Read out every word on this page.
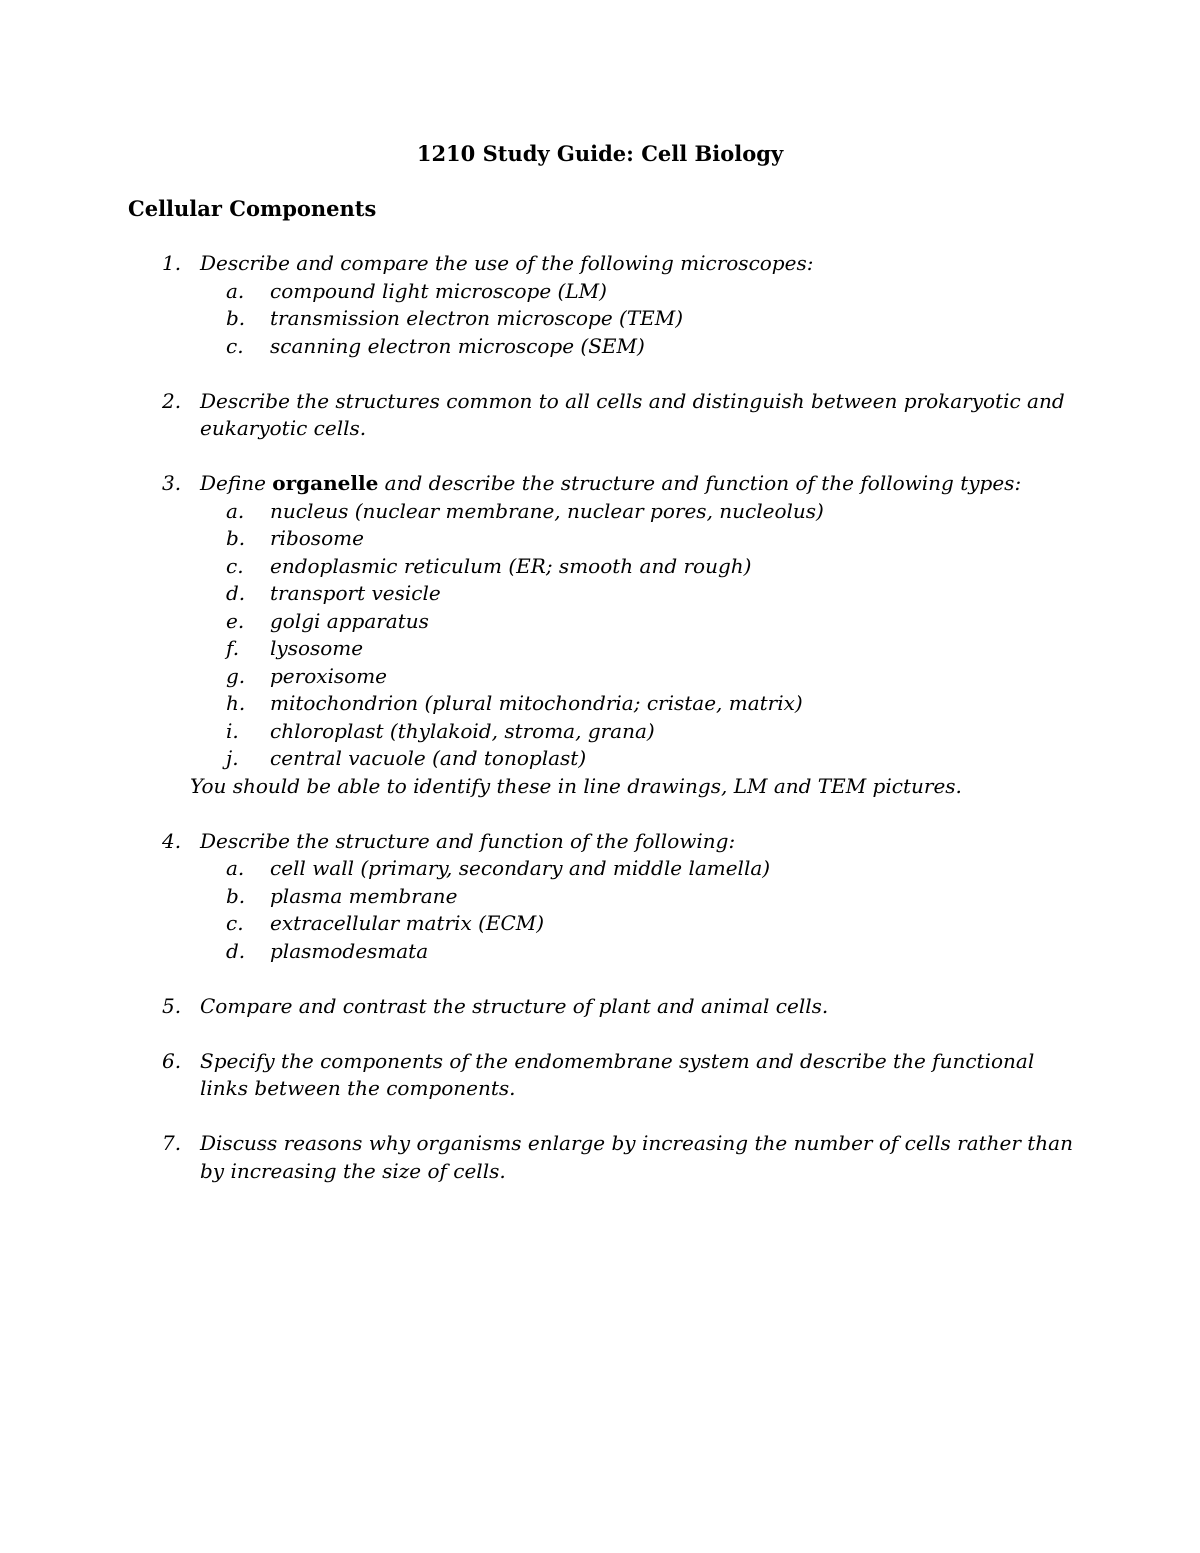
1210 Study Guide: Cell Biology
Cellular Components
1. Describe and compare the use of the following microscopes:
a. compound light microscope (LM)
b. transmission electron microscope (TEM)
c. scanning electron microscope (SEM)
2. Describe the structures common to all cells and distinguish between prokaryotic and eukaryotic cells.
3. Define organelle and describe the structure and function of the following types:
a. nucleus (nuclear membrane, nuclear pores, nucleolus)
b. ribosome
c. endoplasmic reticulum (ER; smooth and rough)
d. transport vesicle
e. golgi apparatus
f. lysosome
g. peroxisome
h. mitochondrion (plural mitochondria; cristae, matrix)
i. chloroplast (thylakoid, stroma, grana)
j. central vacuole (and tonoplast)
You should be able to identify these in line drawings, LM and TEM pictures.
4. Describe the structure and function of the following:
a. cell wall (primary, secondary and middle lamella)
b. plasma membrane
c. extracellular matrix (ECM)
d. plasmodesmata
5. Compare and contrast the structure of plant and animal cells.
6. Specify the components of the endomembrane system and describe the functional links between the components.
7. Discuss reasons why organisms enlarge by increasing the number of cells rather than by increasing the size of cells.
